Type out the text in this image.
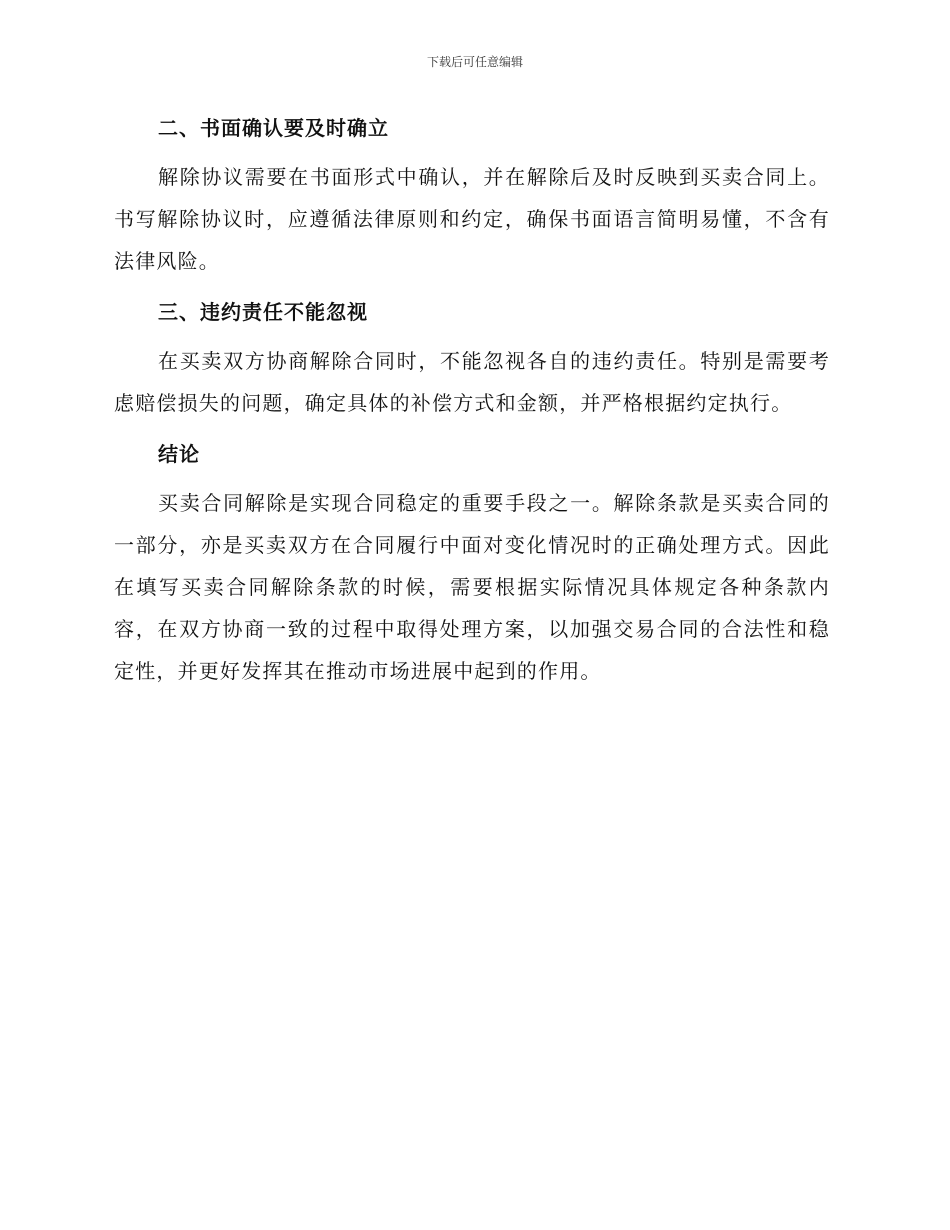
下载后可任意编辑
二、书面确认要及时确立

解除协议需要在书面形式中确认，并在解除后及时反映到买卖合同上。书写解除协议时，应遵循法律原则和约定，确保书面语言简明易懂，不含有法律风险。

三、违约责任不能忽视

在买卖双方协商解除合同时，不能忽视各自的违约责任。特别是需要考虑赔偿损失的问题，确定具体的补偿方式和金额，并严格根据约定执行。

结论

买卖合同解除是实现合同稳定的重要手段之一。解除条款是买卖合同的一部分，亦是买卖双方在合同履行中面对变化情况时的正确处理方式。因此在填写买卖合同解除条款的时候，需要根据实际情况具体规定各种条款内容，在双方协商一致的过程中取得处理方案，以加强交易合同的合法性和稳定性，并更好发挥其在推动市场进展中起到的作用。
